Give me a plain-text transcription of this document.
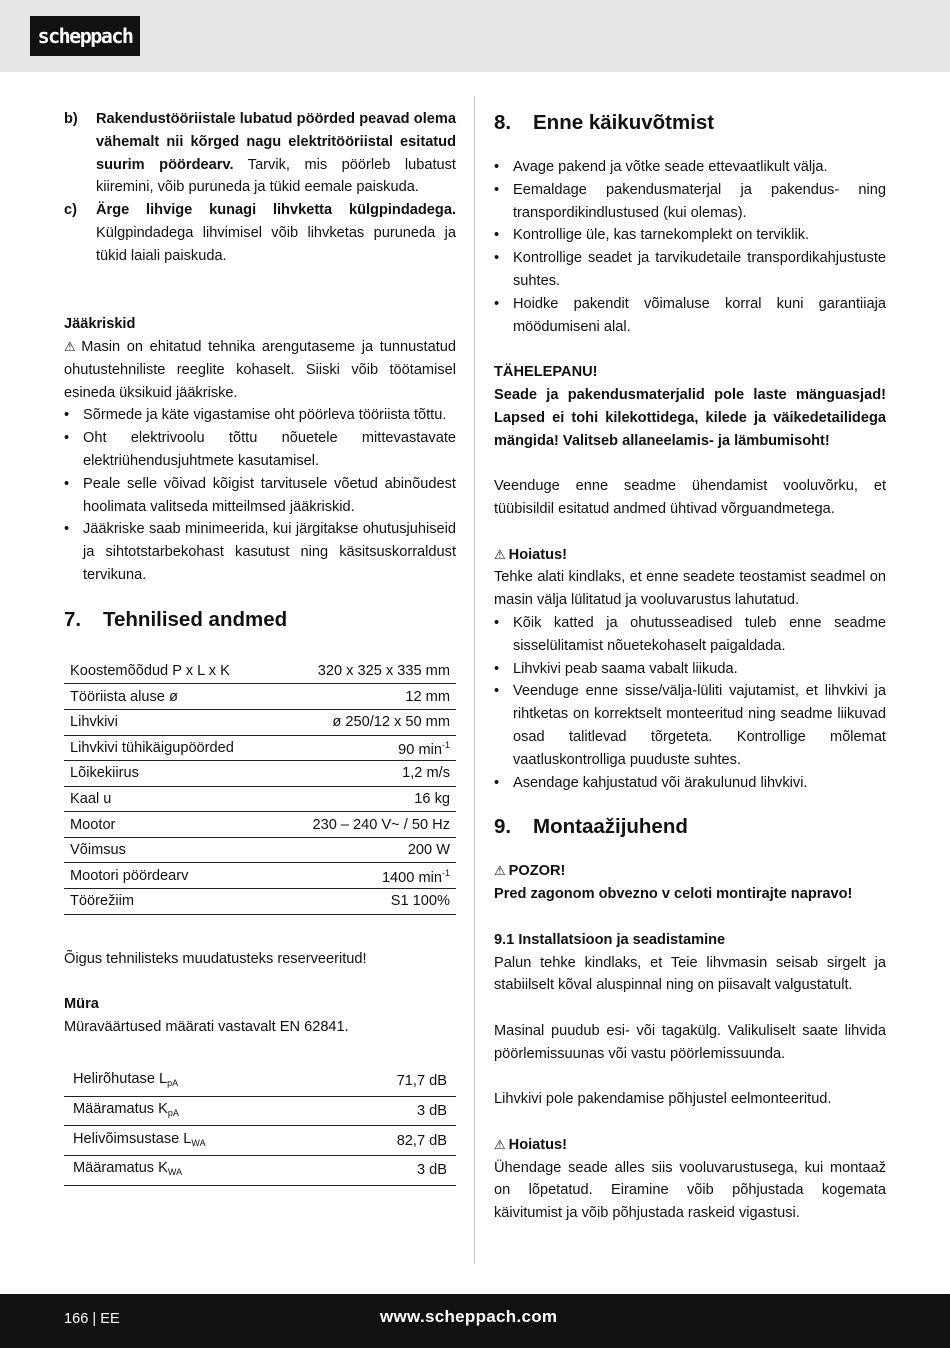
scheppach
b)	Rakendustööriistale lubatud pöörded peavad olema vähemalt nii kõrged nagu elektritööriistal esitatud suurim pöördearv. Tarvik, mis pöörleb lubatust kiiremini, võib puruneda ja tükid eemale paiskuda.
c)	Ärge lihvige kunagi lihvketta külgpindadega. Külgpindadega lihvimisel võib lihvketas puruneda ja tükid laiali paiskuda.

Jääkriskid

⚠ Masin on ehitatud tehnika arengutaseme ja tunnustatud ohutustehniliste reeglite kohaselt. Siiski võib töötamisel esineda üksikuid jääkriske.

• Sõrmede ja käte vigastamise oht pöörleva tööriista tõttu.
• Oht elektrivoolu tõttu nõuetele mittevastavate elektriühendusjuhtmete kasutamisel.
• Peale selle võivad kõigist tarvitusele võetud abinõudest hoolimata valitseda mitteilmsed jääkriskid.
• Jääkriske saab minimeerida, kui järgitakse ohutusjuhiseid ja sihtotstarbekohast kasutust ning käsitsuskorraldust tervikuna.
7.	Tehnilised andmed
Koostemõõdud P x L x K	320 x 325 x 335 mm
Tööriista aluse ø	12 mm
Lihvkivi	ø 250/12 x 50 mm
Lihvkivi tühikäigupöörded	90 $\min^{-1}$
Lõikekiirus	1,2 m/s
Kaal u	16 kg
Mootor	230 – 240 V~ / 50 Hz
Võimsus	200 W
Mootori pöördearv	1400 $\min^{-1}$
Töörežiim	S1 100%

Õigus tehnilisteks muudatusteks reserveeritud!

Müra

Müraväärtused määrati vastavalt EN 62841.

Helirõhutase $L_{pA}$	71,7 dB
Määramatus $K_{pA}$	3 dB
Helivõimsustase $L_{WA}$	82,7 dB
Määramatus $K_{WA}$	3 dB
8.	Enne käikuvõtmist
• Avage pakend ja võtke seade ettevaatlikult välja.
• Eemaldage pakendusmaterjal ja pakendus- ning transpordikindlustused (kui olemas).
• Kontrollige üle, kas tarnekomplekt on terviklik.
• Kontrollige seadet ja tarvikudetaile transpordikahjustuste suhtes.
• Hoidke pakendit võimaluse korral kuni garantiiaja möödumiseni alal.

TÄHELEPANU!

Seade ja pakendusmaterjalid pole laste mänguasjad! Lapsed ei tohi kilekottidega, kilede ja väikedetailidega mängida! Valitseb allaneelamis- ja lämbumisoht!

Veenduge enne seadme ühendamist vooluvõrku, et tüübisildil esitatud andmed ühtivad võrguandmetega.

⚠ Hoiatus!

Tehke alati kindlaks, et enne seadete teostamist seadmel on masin välja lülitatud ja vooluvarustus lahutatud.

• Kõik katted ja ohutusseadised tuleb enne seadme sisselülitamist nõuetekohaselt paigaldada.
• Lihvkivi peab saama vabalt liikuda.
• Veenduge enne sisse/välja-lüliti vajutamist, et lihvkivi ja rihtketas on korrektselt monteeritud ning seadme liikuvad osad talitlevad tõrgeteta. Kontrollige mõlemat vaatluskontrolliga puuduste suhtes.
• Asendage kahjustatud või ärakulunud lihvkivi.
9.	Montaažijuhend

⚠ POZOR!

Pred zagonom obvezno v celoti montirajte napravo!

9.1 Installatsioon ja seadistamine

Palun tehke kindlaks, et Teie lihvmasin seisab sirgelt ja stabiilselt kõval aluspinnal ning on piisavalt valgustatult.

Masinal puudub esi- või tagakülg. Valikuliselt saate lihvida pöörlemissuunas või vastu pöörlemissuunda.

Lihvkivi pole pakendamise põhjustel eelmonteeritud.

⚠ Hoiatus!

Ühendage seade alles siis vooluvarustusega, kui montaaž on lõpetatud. Eiramine võib põhjustada kogemata käivitumist ja võib põhjustada raskeid vigastusi.

166 | EE	www.scheppach.com
